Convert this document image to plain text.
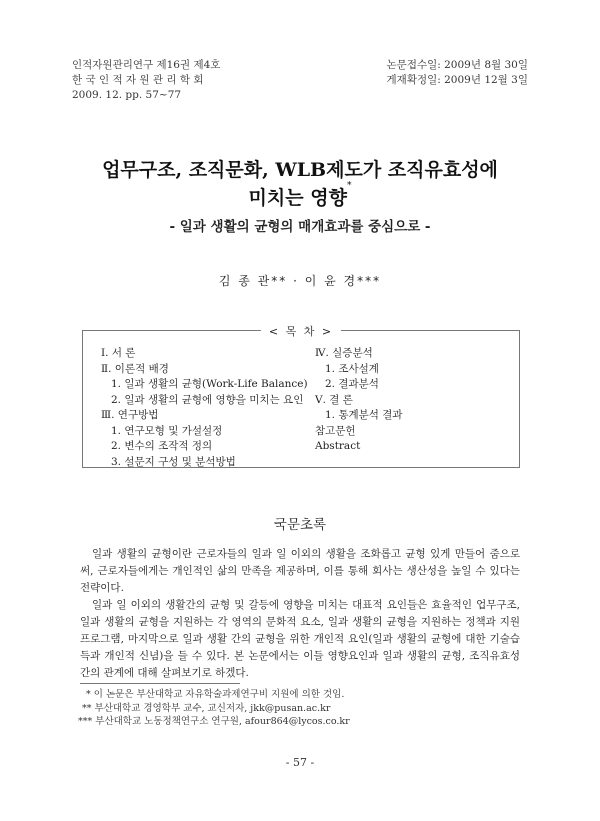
인적자원관리연구 제16권 제4호
한 국 인 적 자 원 관 리 학 회
2009. 12. pp. 57~77
논문접수일: 2009년 8월 30일
게재확정일: 2009년 12월 3일
업무구조, 조직문화, WLB제도가 조직유효성에
미치는 영향*
- 일과 생활의 균형의 매개효과를 중심으로 -
김 종 관** · 이 윤 경***
< 목 차 >
Ⅰ. 서 론
Ⅱ. 이론적 배경
1. 일과 생활의 균형(Work-Life Balance)
2. 일과 생활의 균형에 영향을 미치는 요인
Ⅲ. 연구방법
1. 연구모형 및 가설설정
2. 변수의 조작적 정의
3. 설문지 구성 및 분석방법
Ⅳ. 실증분석
1. 조사설계
2. 결과분석
Ⅴ. 결 론
1. 통계분석 결과
참고문헌
Abstract
국문초록

일과 생활의 균형이란 근로자들의 일과 일 이외의 생활을 조화롭고 균형 있게 만들어 줌으로써, 근로자들에게는 개인적인 삶의 만족을 제공하며, 이를 통해 회사는 생산성을 높일 수 있다는 전략이다.

일과 일 이외의 생활간의 균형 및 갈등에 영향을 미치는 대표적 요인들은 효율적인 업무구조, 일과 생활의 균형을 지원하는 각 영역의 문화적 요소, 일과 생활의 균형을 지원하는 정책과 지원프로그램, 마지막으로 일과 생활 간의 균형을 위한 개인적 요인(일과 생활의 균형에 대한 기술습득과 개인적 신념)을 들 수 있다. 본 논문에서는 이들 영향요인과 일과 생활의 균형, 조직유효성 간의 관계에 대해 살펴보기로 하겠다.

* 이 논문은 부산대학교 자유학술과제연구비 지원에 의한 것임.
** 부산대학교 경영학부 교수, 교신저자, jkk@pusan.ac.kr
*** 부산대학교 노동정책연구소 연구원, afour864@lycos.co.kr
- 57 -
